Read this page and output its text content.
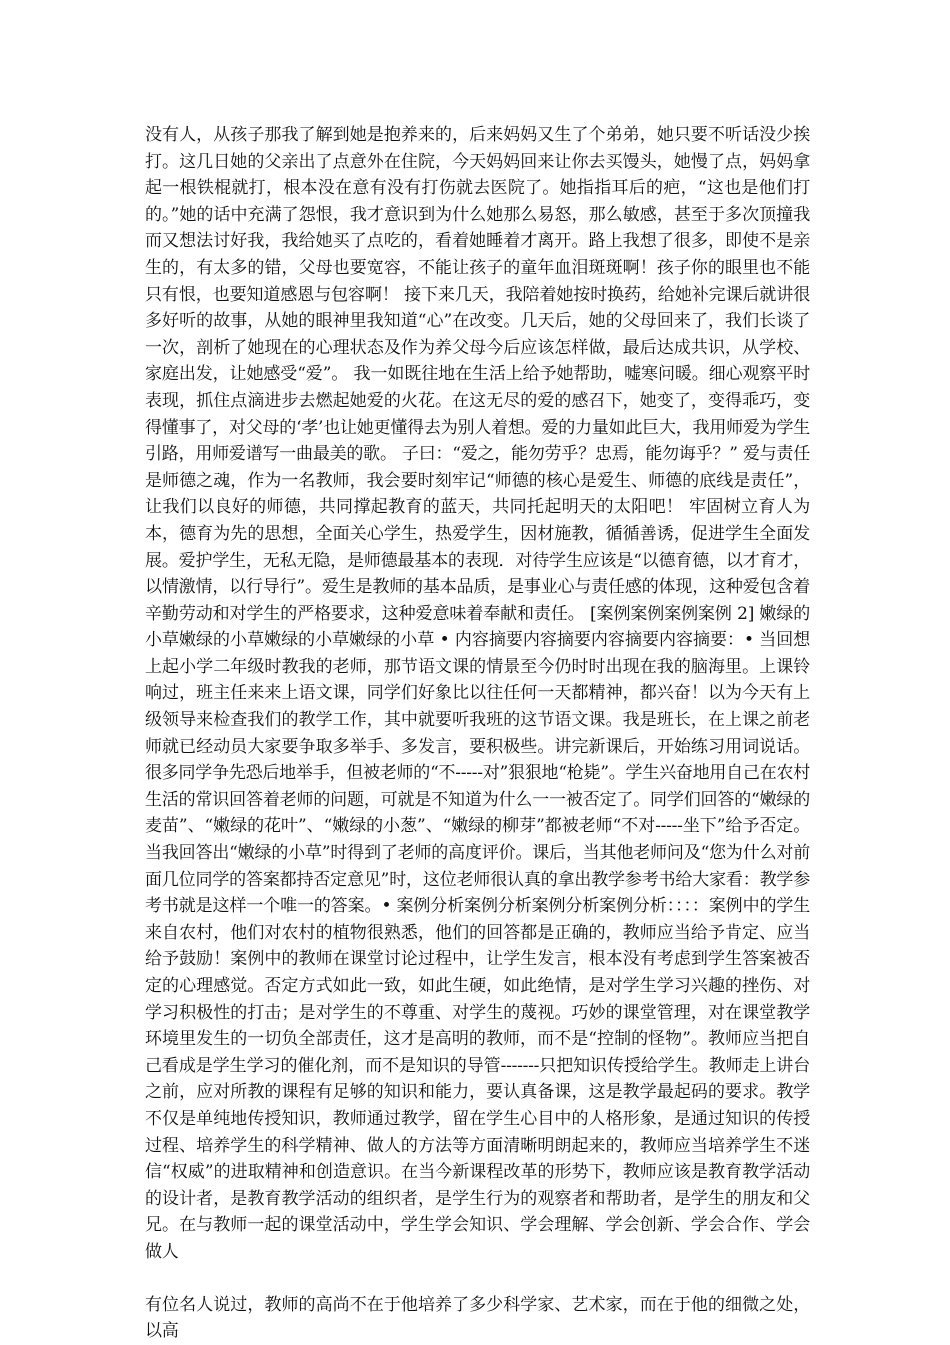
没有人，从孩子那我了解到她是抱养来的，后来妈妈又生了个弟弟，她只要不听话没少挨打。这几日她的父亲出了点意外在住院，今天妈妈回来让你去买馒头，她慢了点，妈妈拿起一根铁棍就打，根本没在意有没有打伤就去医院了。她指指耳后的疤，“这也是他们打的。”她的话中充满了怨恨，我才意识到为什么她那么易怒，那么敏感，甚至于多次顶撞我而又想法讨好我，我给她买了点吃的，看着她睡着才离开。路上我想了很多，即使不是亲生的，有太多的错，父母也要宽容，不能让孩子的童年血泪斑斑啊！孩子你的眼里也不能只有恨，也要知道感恩与包容啊！ 接下来几天，我陪着她按时换药，给她补完课后就讲很多好听的故事，从她的眼神里我知道“心”在改变。几天后，她的父母回来了，我们长谈了一次，剖析了她现在的心理状态及作为养父母今后应该怎样做，最后达成共识，从学校、家庭出发，让她感受“爱”。 我一如既往地在生活上给予她帮助，嘘寒问暖。细心观察平时表现，抓住点滴进步去燃起她爱的火花。在这无尽的爱的感召下，她变了，变得乖巧，变得懂事了，对父母的‘孝’也让她更懂得去为别人着想。爱的力量如此巨大，我用师爱为学生引路，用师爱谱写一曲最美的歌。 子曰：“爱之，能勿劳乎？忠焉，能勿诲乎？” 爱与责任是师德之魂，作为一名教师，我会要时刻牢记“师德的核心是爱生、师德的底线是责任”，让我们以良好的师德，共同撑起教育的蓝天，共同托起明天的太阳吧！ 牢固树立育人为本，德育为先的思想，全面关心学生，热爱学生，因材施教，循循善诱，促进学生全面发展。爱护学生，无私无隐，是师德最基本的表现．对待学生应该是“以德育德，以才育才，以情激情，以行导行”。爱生是教师的基本品质，是事业心与责任感的体现，这种爱包含着辛勤劳动和对学生的严格要求，这种爱意味着奉献和责任。 [案例案例案例案例 2] 嫩绿的小草嫩绿的小草嫩绿的小草嫩绿的小草 • 内容摘要内容摘要内容摘要内容摘要：• 当回想上起小学二年级时教我的老师，那节语文课的情景至今仍时时出现在我的脑海里。上课铃响过，班主任来来上语文课，同学们好象比以往任何一天都精神，都兴奋！以为今天有上级领导来检查我们的教学工作，其中就要听我班的这节语文课。我是班长，在上课之前老师就已经动员大家要争取多举手、多发言，要积极些。讲完新课后，开始练习用词说话。很多同学争先恐后地举手，但被老师的“不-----对”狠狠地“枪毙”。学生兴奋地用自己在农村生活的常识回答着老师的问题，可就是不知道为什么一一被否定了。同学们回答的“嫩绿的麦苗”、“嫩绿的花叶”、“嫩绿的小葱”、“嫩绿的柳芽”都被老师“不对-----坐下”给予否定。当我回答出“嫩绿的小草”时得到了老师的高度评价。课后，当其他老师问及“您为什么对前面几位同学的答案都持否定意见”时，这位老师很认真的拿出教学参考书给大家看：教学参考书就是这样一个唯一的答案。• 案例分析案例分析案例分析案例分析：：：：案例中的学生来自农村，他们对农村的植物很熟悉，他们的回答都是正确的，教师应当给予肯定、应当给予鼓励！案例中的教师在课堂讨论过程中，让学生发言，根本没有考虑到学生答案被否定的心理感觉。否定方式如此一致，如此生硬，如此绝情，是对学生学习兴趣的挫伤、对学习积极性的打击；是对学生的不尊重、对学生的蔑视。巧妙的课堂管理，对在课堂教学环境里发生的一切负全部责任，这才是高明的教师，而不是“控制的怪物”。教师应当把自己看成是学生学习的催化剂，而不是知识的导管-------只把知识传授给学生。教师走上讲台之前，应对所教的课程有足够的知识和能力，要认真备课，这是教学最起码的要求。教学不仅是单纯地传授知识，教师通过教学，留在学生心目中的人格形象，是通过知识的传授过程、培养学生的科学精神、做人的方法等方面清晰明朗起来的，教师应当培养学生不迷信“权威”的进取精神和创造意识。在当今新课程改革的形势下，教师应该是教育教学活动的设计者，是教育教学活动的组织者，是学生行为的观察者和帮助者，是学生的朋友和父兄。在与教师一起的课堂活动中，学生学会知识、学会理解、学会创新、学会合作、学会做人

有位名人说过，教师的高尚不在于他培养了多少科学家、艺术家，而在于他的细微之处，以高
